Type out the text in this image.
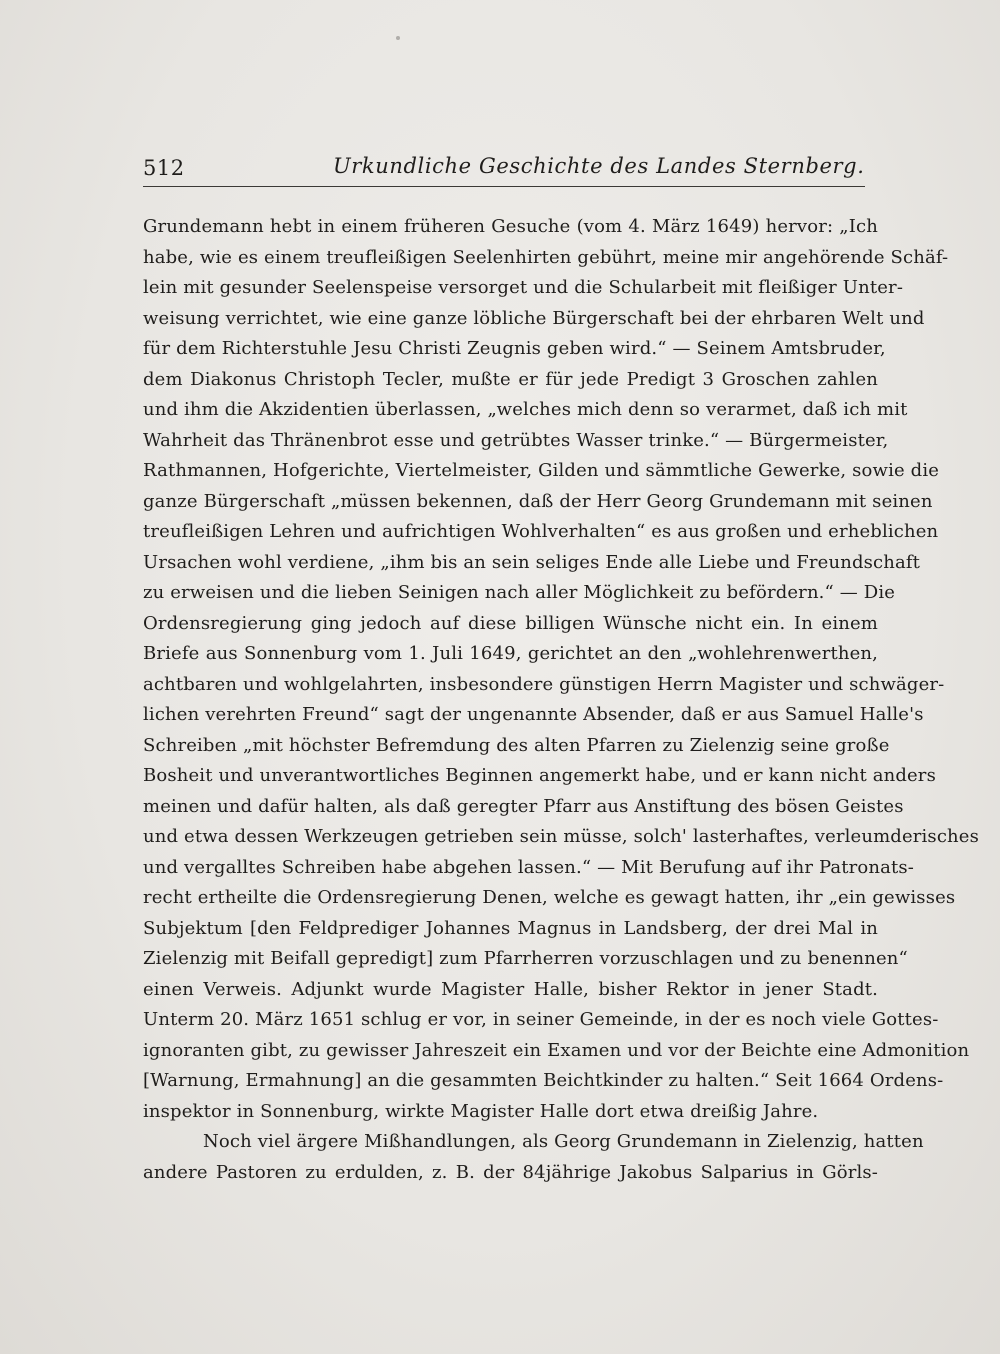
512	Urkundliche Geschichte des Landes Sternberg.
Grundemann hebt in einem früheren Gesuche (vom 4. März 1649) hervor: „Ich
habe, wie es einem treufleißigen Seelenhirten gebührt, meine mir angehörende Schäf-
lein mit gesunder Seelenspeise versorget und die Schularbeit mit fleißiger Unter-
weisung verrichtet, wie eine ganze löbliche Bürgerschaft bei der ehrbaren Welt und
für dem Richterstuhle Jesu Christi Zeugnis geben wird.“ — Seinem Amtsbruder,
dem Diakonus Christoph Tecler, mußte er für jede Predigt 3 Groschen zahlen
und ihm die Akzidentien überlassen, „welches mich denn so verarmet, daß ich mit
Wahrheit das Thränenbrot esse und getrübtes Wasser trinke.“ — Bürgermeister,
Rathmannen, Hofgerichte, Viertelmeister, Gilden und sämmtliche Gewerke, sowie die
ganze Bürgerschaft „müssen bekennen, daß der Herr Georg Grundemann mit seinen
treufleißigen Lehren und aufrichtigen Wohlverhalten“ es aus großen und erheblichen
Ursachen wohl verdiene, „ihm bis an sein seliges Ende alle Liebe und Freundschaft
zu erweisen und die lieben Seinigen nach aller Möglichkeit zu befördern.“ — Die
Ordensregierung ging jedoch auf diese billigen Wünsche nicht ein. In einem
Briefe aus Sonnenburg vom 1. Juli 1649, gerichtet an den „wohlehrenwerthen,
achtbaren und wohlgelahrten, insbesondere günstigen Herrn Magister und schwäger-
lichen verehrten Freund“ sagt der ungenannte Absender, daß er aus Samuel Halle's
Schreiben „mit höchster Befremdung des alten Pfarren zu Zielenzig seine große
Bosheit und unverantwortliches Beginnen angemerkt habe, und er kann nicht anders
meinen und dafür halten, als daß geregter Pfarr aus Anstiftung des bösen Geistes
und etwa dessen Werkzeugen getrieben sein müsse, solch' lasterhaftes, verleumderisches
und vergalltes Schreiben habe abgehen lassen.“ — Mit Berufung auf ihr Patronats-
recht ertheilte die Ordensregierung Denen, welche es gewagt hatten, ihr „ein gewisses
Subjektum [den Feldprediger Johannes Magnus in Landsberg, der drei Mal in
Zielenzig mit Beifall gepredigt] zum Pfarrherren vorzuschlagen und zu benennen“
einen Verweis. Adjunkt wurde Magister Halle, bisher Rektor in jener Stadt.
Unterm 20. März 1651 schlug er vor, in seiner Gemeinde, in der es noch viele Gottes-
ignoranten gibt, zu gewisser Jahreszeit ein Examen und vor der Beichte eine Admonition
[Warnung, Ermahnung] an die gesammten Beichtkinder zu halten.“ Seit 1664 Ordens-
inspektor in Sonnenburg, wirkte Magister Halle dort etwa dreißig Jahre.
Noch viel ärgere Mißhandlungen, als Georg Grundemann in Zielenzig, hatten
andere Pastoren zu erdulden, z. B. der 84jährige Jakobus Salparius in Görls-
